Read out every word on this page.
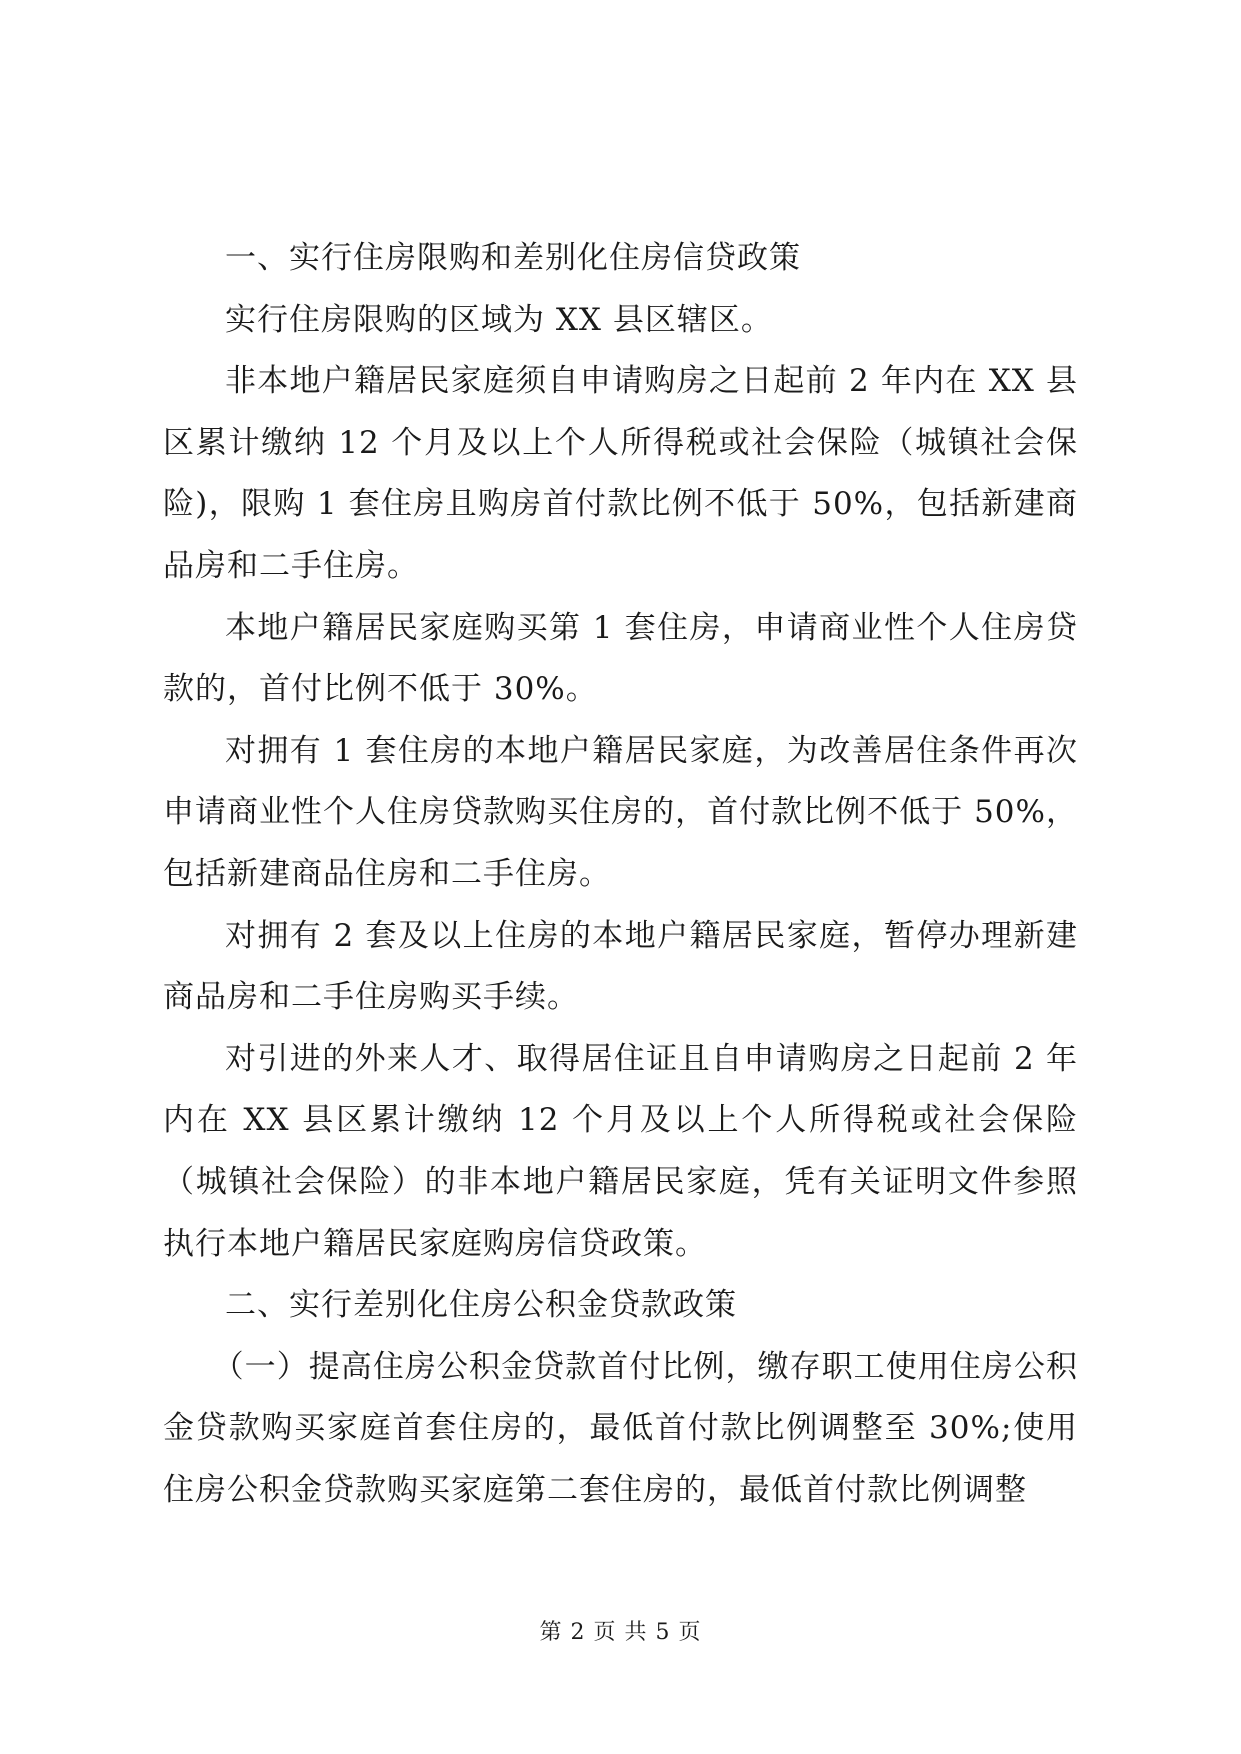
一、实行住房限购和差别化住房信贷政策

实行住房限购的区域为 XX 县区辖区。

非本地户籍居民家庭须自申请购房之日起前 2 年内在 XX 县区累计缴纳 12 个月及以上个人所得税或社会保险（城镇社会保险)，限购 1 套住房且购房首付款比例不低于 50%，包括新建商品房和二手住房。

本地户籍居民家庭购买第 1 套住房，申请商业性个人住房贷款的，首付比例不低于 30%。

对拥有 1 套住房的本地户籍居民家庭，为改善居住条件再次申请商业性个人住房贷款购买住房的，首付款比例不低于 50%，包括新建商品住房和二手住房。

对拥有 2 套及以上住房的本地户籍居民家庭，暂停办理新建商品房和二手住房购买手续。

对引进的外来人才、取得居住证且自申请购房之日起前 2 年内在 XX 县区累计缴纳 12 个月及以上个人所得税或社会保险（城镇社会保险）的非本地户籍居民家庭，凭有关证明文件参照执行本地户籍居民家庭购房信贷政策。

二、实行差别化住房公积金贷款政策

（一）提高住房公积金贷款首付比例，缴存职工使用住房公积金贷款购买家庭首套住房的，最低首付款比例调整至 30%;使用住房公积金贷款购买家庭第二套住房的，最低首付款比例调整

第 2 页 共 5 页
